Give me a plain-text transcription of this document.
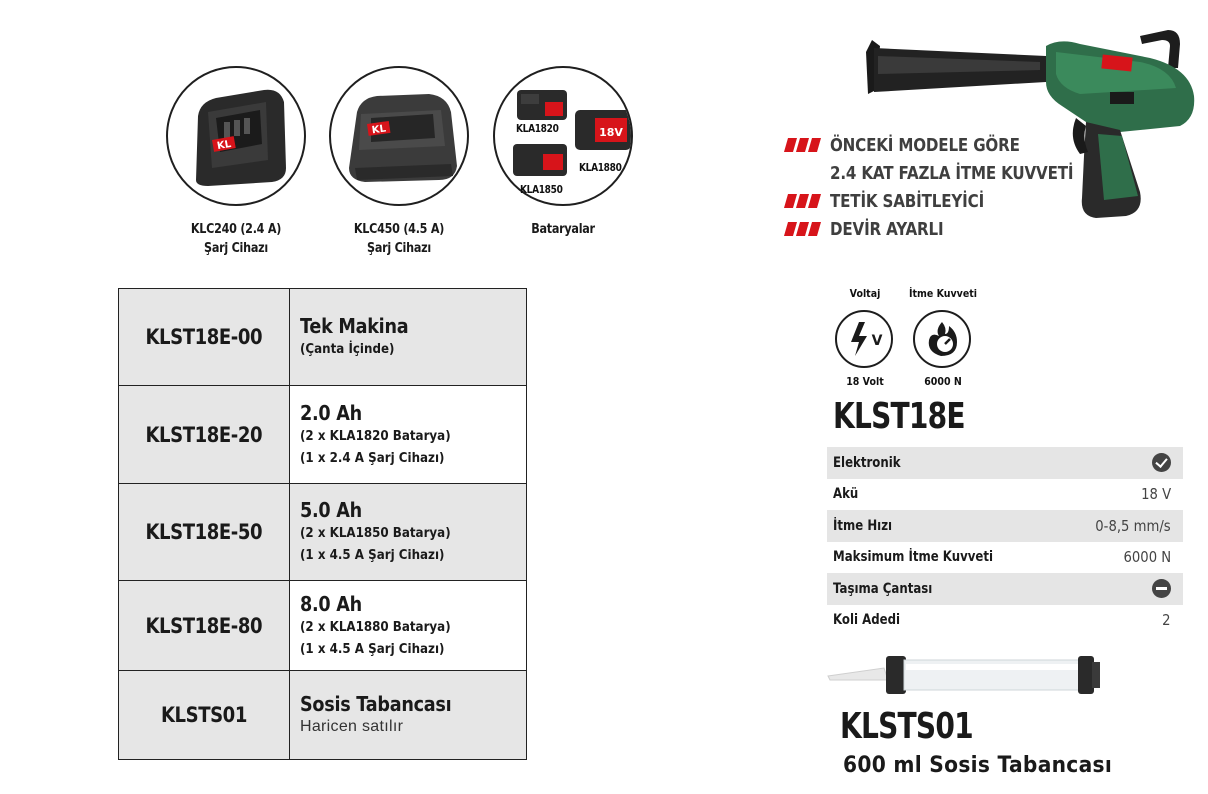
KL
KL	18V
KLA1820
KLA1850
KLA1880
KLC240 (2.4 A)
Şarj Cihazı
KLC450 (4.5 A)
Şarj Cihazı
Bataryalar
KLST18E-00	Tek Makina
(Çanta İçinde)

KLST18E-20	2.0 Ah
(2 x KLA1820 Batarya)
(1 x 2.4 A Şarj Cihazı)

KLST18E-50	5.0 Ah
(2 x KLA1850 Batarya)
(1 x 4.5 A Şarj Cihazı)

KLST18E-80	8.0 Ah
(2 x KLA1880 Batarya)
(1 x 4.5 A Şarj Cihazı)

KLSTS01	Sosis Tabancası
Haricen satılır
ÖNCEKİ MODELE GÖRE
2.4 KAT FAZLA İTME KUVVETİ
TETİK SABİTLEYİCİ
DEVİR AYARLI
Voltaj	İtme Kuvveti
V
18 Volt	6000 N
KLST18E
Elektronik
Akü	18 V
İtme Hızı	0-8,5 mm/s
Maksimum İtme Kuvveti	6000 N
Taşıma Çantası
Koli Adedi	2
KLSTS01
600 ml Sosis Tabancası
